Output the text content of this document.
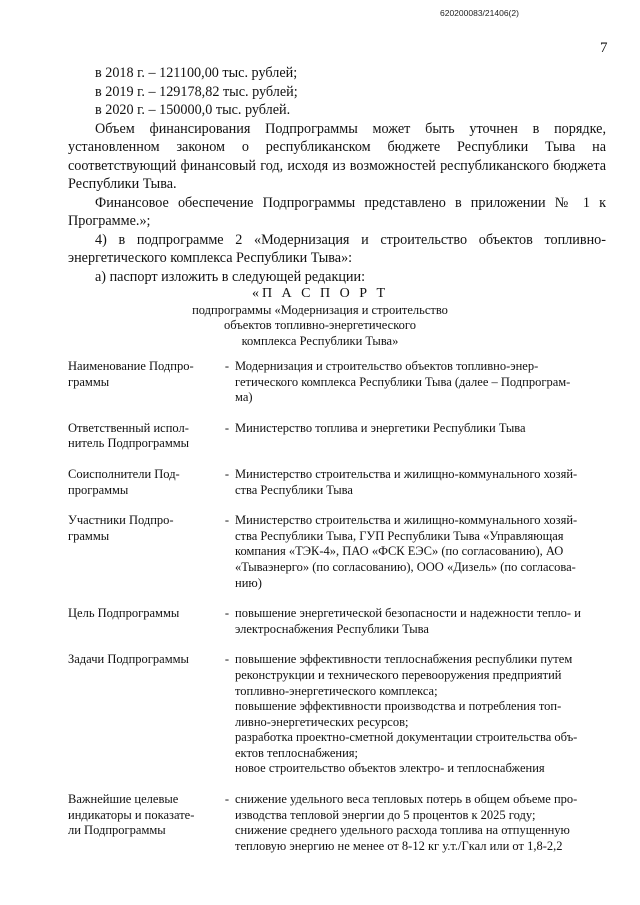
620200083/21406(2)
7
в 2018 г. – 121100,00 тыс. рублей;
в 2019 г. – 129178,82 тыс. рублей;
в 2020 г. – 150000,0 тыс. рублей.

Объем финансирования Подпрограммы может быть уточнен в порядке, установленном законом о республиканском бюджете Республики Тыва на соответствующий финансовый год, исходя из возможностей республиканского бюджета Республики Тыва.

Финансовое обеспечение Подпрограммы представлено в приложении № 1 к Программе.»;

4) в подпрограмме 2 «Модернизация и строительство объектов топливно-энергетического комплекса Республики Тыва»:

а) паспорт изложить в следующей редакции:
«П А С П О Р Т
подпрограммы «Модернизация и строительство
объектов топливно-энергетического
комплекса Республики Тыва»
Наименование Подпро-
граммы
- Модернизация и строительство объектов топливно-энер-
гетического комплекса Республики Тыва (далее – Подпрограм-
ма)
Ответственный испол-
нитель Подпрограммы
- Министерство топлива и энергетики Республики Тыва
Соисполнители Под-
программы
- Министерство строительства и жилищно-коммунального хозяй-
ства Республики Тыва
Участники Подпро-
граммы
- Министерство строительства и жилищно-коммунального хозяй-
ства Республики Тыва, ГУП Республики Тыва «Управляющая
компания «ТЭК-4», ПАО «ФСК ЕЭС» (по согласованию), АО
«Тываэнерго» (по согласованию), ООО «Дизель» (по согласова-
нию)
Цель Подпрограммы	- повышение энергетической безопасности и надежности тепло- и
электроснабжения Республики Тыва
Задачи Подпрограммы	- повышение эффективности теплоснабжения республики путем
реконструкции и технического перевооружения предприятий
топливно-энергетического комплекса;
повышение эффективности производства и потребления топ-
ливно-энергетических ресурсов;
разработка проектно-сметной документации строительства объ-
ектов теплоснабжения;
новое строительство объектов электро- и теплоснабжения
Важнейшие целевые
индикаторы и показате-
ли Подпрограммы
- снижение удельного веса тепловых потерь в общем объеме про-
изводства тепловой энергии до 5 процентов к 2025 году;
снижение среднего удельного расхода топлива на отпущенную
тепловую энергию не менее от 8-12 кг у.т./Гкал или от 1,8-2,2
